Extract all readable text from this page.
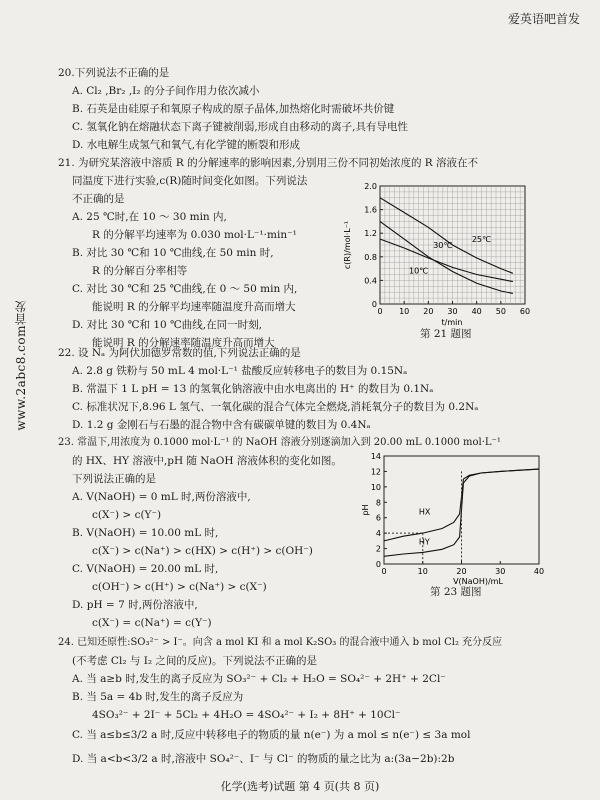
爱英语吧首发
www.2abc8.com首发
20.下列说法不正确的是
A. Cl₂ ,Br₂ ,I₂ 的分子间作用力依次减小
B. 石英是由硅原子和氧原子构成的原子晶体,加热熔化时需破坏共价键
C. 氢氧化钠在熔融状态下离子键被削弱,形成自由移动的离子,具有导电性
D. 水电解生成氢气和氧气,有化学键的断裂和形成
21. 为研究某溶液中溶质 R 的分解速率的影响因素,分别用三份不同初始浓度的 R 溶液在不
同温度下进行实验,c(R)随时间变化如图。下列说法
不正确的是
A. 25 ℃时,在 10 ～ 30 min 内,
R 的分解平均速率为 0.030 mol·L⁻¹·min⁻¹
B. 对比 30 ℃和 10 ℃曲线,在 50 min 时,
R 的分解百分率相等
C. 对比 30 ℃和 25 ℃曲线,在 0 ～ 50 min 内,
能说明 R 的分解平均速率随温度升高而增大
D. 对比 30 ℃和 10 ℃曲线,在同一时刻,
能说明 R 的分解速率随温度升高而增大
0 10 20 30 40 50 60
0
0.4
0.8
1.2
1.6
2.0
t/min
c(R)/mol·L⁻¹	25℃
30℃
10℃
第 21 题图
22. 设 Nₐ 为阿伏加德罗常数的值,下列说法正确的是
A. 2.8 g 铁粉与 50 mL 4 mol·L⁻¹ 盐酸反应转移电子的数目为 0.15Nₐ
B. 常温下 1 L pH = 13 的氢氧化钠溶液中由水电离出的 H⁺ 的数目为 0.1Nₐ
C. 标准状况下,8.96 L 氢气、一氧化碳的混合气体完全燃烧,消耗氧分子的数目为 0.2Nₐ
D. 1.2 g 金刚石与石墨的混合物中含有碳碳单键的数目为 0.4Nₐ
23. 常温下,用浓度为 0.1000 mol·L⁻¹ 的 NaOH 溶液分别逐滴加入到 20.00 mL 0.1000 mol·L⁻¹
的 HX、HY 溶液中,pH 随 NaOH 溶液体积的变化如图。
下列说法正确的是
A. V(NaOH) = 0 mL 时,两份溶液中,
c(X⁻) > c(Y⁻)
B. V(NaOH) = 10.00 mL 时,
c(X⁻) > c(Na⁺) > c(HX) > c(H⁺) > c(OH⁻)
C. V(NaOH) = 20.00 mL 时,
c(OH⁻) > c(H⁺) > c(Na⁺) > c(X⁻)
D. pH = 7 时,两份溶液中,
c(X⁻) = c(Na⁺) = c(Y⁻)
0	10	20	30	40
0
2
4
6
8
10
12
14
V(NaOH)/mL
pH	HX
HY
第 23 题图
24. 已知还原性:SO₃²⁻ > I⁻。向含 a mol KI 和 a mol K₂SO₃ 的混合液中通入 b mol Cl₂ 充分反应
(不考虑 Cl₂ 与 I₂ 之间的反应)。下列说法不正确的是
A. 当 a≥b 时,发生的离子反应为 SO₃²⁻ + Cl₂ + H₂O = SO₄²⁻ + 2H⁺ + 2Cl⁻
B. 当 5a = 4b 时,发生的离子反应为
4SO₃²⁻ + 2I⁻ + 5Cl₂ + 4H₂O = 4SO₄²⁻ + I₂ + 8H⁺ + 10Cl⁻
C. 当 a≤b≤3/2 a 时,反应中转移电子的物质的量 n(e⁻) 为 a mol ≤ n(e⁻) ≤ 3a mol
D. 当 a<b<3/2 a 时,溶液中 SO₄²⁻、I⁻ 与 Cl⁻ 的物质的量之比为 a:(3a−2b):2b
化学(选考)试题 第 4 页(共 8 页)
